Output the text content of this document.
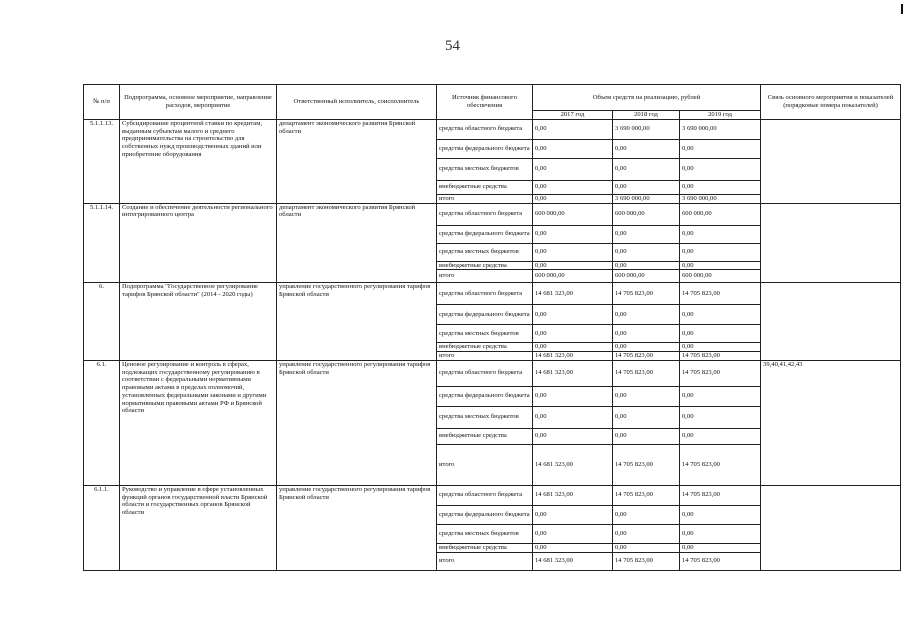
54
№ п/п	Подпрограмма, основное мероприятие, направление расходов, мероприятие	Ответственный исполнитель, соисполнитель	Источник финансового обеспечения	Объем средств на реализацию, рублей			Связь основного мероприятия и показателей (порядковые номера показателей)
				2017 год	2018 год	2019 год	
5.1.1.13.	Субсидирование процентной ставки по кредитам, выданным субъектам малого и среднего предпринимательства на строительство для собственных нужд производственных зданий или приобретение оборудования	департамент экономического развития Брянской области	средства областного бюджета	0,00	3 690 000,00	3 690 000,00	
			средства федерального бюджета	0,00	0,00	0,00	
			средства местных бюджетов	0,00	0,00	0,00	
			внебюджетные средства	0,00	0,00	0,00	
			итого	0,00	3 690 000,00	3 690 000,00	
5.1.1.14.	Создание и обеспечение деятельности регионального интегрированного центра	департамент экономического развития Брянской области	средства областного бюджета	600 000,00	600 000,00	600 000,00	
			средства федерального бюджета	0,00	0,00	0,00	
			средства местных бюджетов	0,00	0,00	0,00	
			внебюджетные средства	0,00	0,00	0,00	
			итого	600 000,00	600 000,00	600 000,00	
6.	Подпрограмма "Государственное регулирование тарифов Брянской области" (2014 - 2020 годы)	управление государственного регулирования тарифов Брянской области	средства областного бюджета	14 681 323,00	14 705 823,00	14 705 823,00	
			средства федерального бюджета	0,00	0,00	0,00	
			средства местных бюджетов	0,00	0,00	0,00	
			внебюджетные средства	0,00	0,00	0,00	
			итого	14 681 323,00	14 705 823,00	14 705 823,00	
6.1.	Ценовое регулирование и контроль в сферах, подлежащих государственному регулированию в соответствии с федеральными нормативными правовыми актами в пределах полномочий, установленных федеральными законами и другими нормативными правовыми актами РФ и Брянской области	управление государственного регулирования тарифов Брянской области	средства областного бюджета	14 681 323,00	14 705 823,00	14 705 823,00	39,40,41,42,43
			средства федерального бюджета	0,00	0,00	0,00	
			средства местных бюджетов	0,00	0,00	0,00	
			внебюджетные средства	0,00	0,00	0,00	
			итого	14 681 323,00	14 705 823,00	14 705 823,00	
6.1.1.	Руководство и управление в сфере установленных функций органов государственной власти Брянской области и государственных органов Брянской области	управление государственного регулирования тарифов Брянской области	средства областного бюджета	14 681 323,00	14 705 823,00	14 705 823,00	
			средства федерального бюджета	0,00	0,00	0,00	
			средства местных бюджетов	0,00	0,00	0,00	
			внебюджетные средства	0,00	0,00	0,00	
			итого	14 681 323,00	14 705 823,00	14 705 823,00	
